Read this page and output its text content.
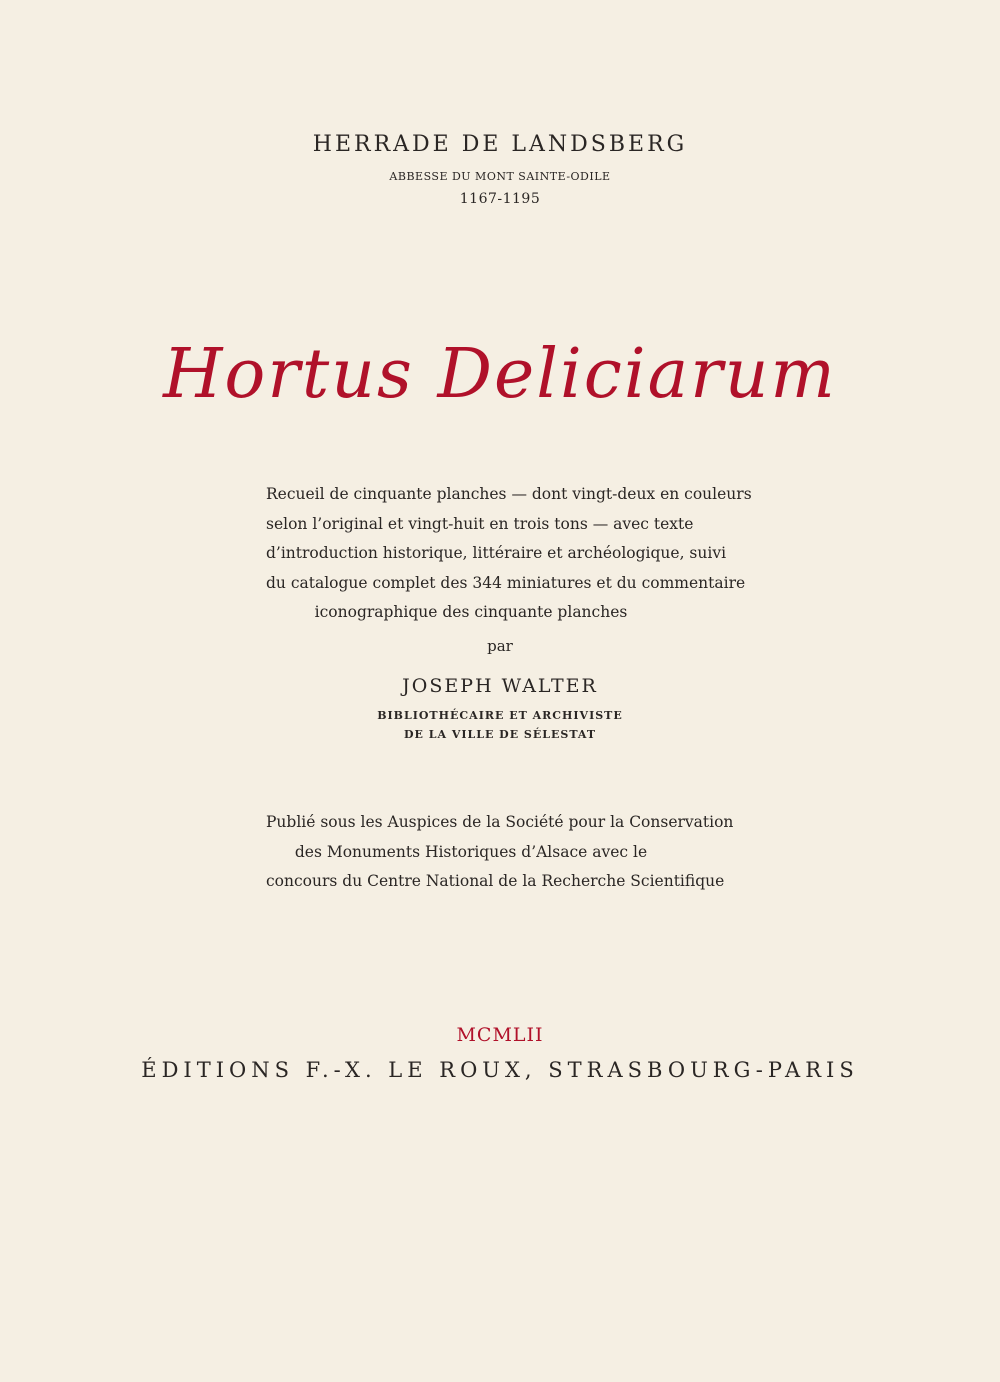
HERRADE DE LANDSBERG
ABBESSE DU MONT SAINTE-ODILE
1167-1195
Hortus Deliciarum
Recueil de cinquante planches — dont vingt-deux en couleurs
selon l’original et vingt-huit en trois tons — avec texte
d’introduction historique, littéraire et archéologique, suivi
du catalogue complet des 344 miniatures et du commentaire
iconographique des cinquante planches
par
JOSEPH WALTER
BIBLIOTHÉCAIRE ET ARCHIVISTE
DE LA VILLE DE SÉLESTAT
Publié sous les Auspices de la Société pour la Conservation
des Monuments Historiques d’Alsace avec le
concours du Centre National de la Recherche Scientifique
MCMLII
ÉDITIONS F.-X. LE ROUX, STRASBOURG-PARIS
